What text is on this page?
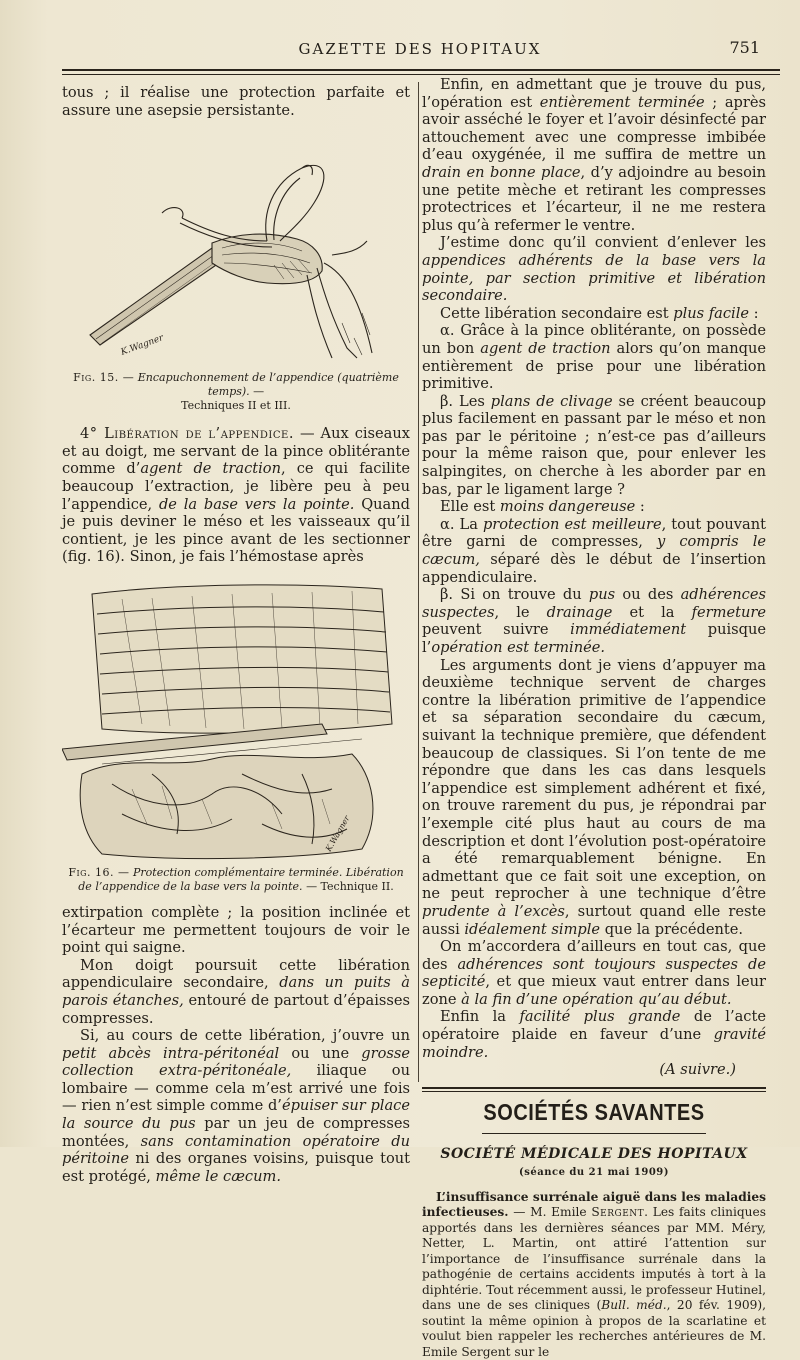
GAZETTE DES HOPITAUX	751

tous ; il réalise une protection parfaite et assure une asepsie persistante.

K.Wagner
Fig. 15. — Encapuchonnement de l’appendice (quatrième temps). —
Techniques II et III.

4° Libération de l’appendice. — Aux ciseaux et au doigt, me servant de la pince oblitérante comme d’agent de traction, ce qui facilite beaucoup l’extraction, je libère peu à peu l’appendice, de la base vers la pointe. Quand je puis deviner le méso et les vaisseaux qu’il contient, je les pince avant de les sectionner (fig. 16). Sinon, je fais l’hémostase après

K.Wagner
Fig. 16. — Protection complémentaire terminée. Libération de l’appendice de la base vers la pointe. — Technique II.

extirpation complète ; la position inclinée et l’écarteur me permettent toujours de voir le point qui saigne.

Mon doigt poursuit cette libération appendiculaire secondaire, dans un puits à parois étanches, entouré de partout d’épaisses compresses.

Si, au cours de cette libération, j’ouvre un petit abcès intra-péritonéal ou une grosse collection extra-péritonéale, iliaque ou lombaire — comme cela m’est arrivé une fois — rien n’est simple comme d’épuiser sur place la source du pus par un jeu de compresses montées, sans contamination opératoire du péritoine ni des organes voisins, puisque tout est protégé, même le cæcum.

Enfin, en admettant que je trouve du pus, l’opération est entièrement terminée ; après avoir asséché le foyer et l’avoir désinfecté par attouchement avec une compresse imbibée d’eau oxygénée, il me suffira de mettre un drain en bonne place, d’y adjoindre au besoin une petite mèche et retirant les compresses protectrices et l’écarteur, il ne me restera plus qu’à refermer le ventre.

J’estime donc qu’il convient d’enlever les appendices adhérents de la base vers la pointe, par section primitive et libération secondaire.

Cette libération secondaire est plus facile :

α. Grâce à la pince oblitérante, on possède un bon agent de traction alors qu’on manque entièrement de prise pour une libération primitive.

β. Les plans de clivage se créent beaucoup plus facilement en passant par le méso et non pas par le péritoine ; n’est-ce pas d’ailleurs pour la même raison que, pour enlever les salpingites, on cherche à les aborder par en bas, par le ligament large ?

Elle est moins dangereuse :

α. La protection est meilleure, tout pouvant être garni de compresses, y compris le cæcum, séparé dès le début de l’insertion appendiculaire.

β. Si on trouve du pus ou des adhérences suspectes, le drainage et la fermeture peuvent suivre immédiatement puisque l’opération est terminée.

Les arguments dont je viens d’appuyer ma deuxième technique servent de charges contre la libération primitive de l’appendice et sa séparation secondaire du cæcum, suivant la technique première, que défendent beaucoup de classiques. Si l’on tente de me répondre que dans les cas dans lesquels l’appendice est simplement adhérent et fixé, on trouve rarement du pus, je répondrai par l’exemple cité plus haut au cours de ma description et dont l’évolution post-opératoire a été remarquablement bénigne. En admettant que ce fait soit une exception, on ne peut reprocher à une technique d’être prudente à l’excès, surtout quand elle reste aussi idéalement simple que la précédente.

On m’accordera d’ailleurs en tout cas, que des adhérences sont toujours suspectes de septicité, et que mieux vaut entrer dans leur zone à la fin d’une opération qu’au début.

Enfin la facilité plus grande de l’acte opératoire plaide en faveur d’une gravité moindre.

(A suivre.)

SOCIÉTÉS SAVANTES
SOCIÉTÉ MÉDICALE DES HOPITAUX
(séance du 21 mai 1909)

L’insuffisance surrénale aiguë dans les maladies infectieuses. — M. Emile Sergent. Les faits cliniques apportés dans les dernières séances par MM. Méry, Netter, L. Martin, ont attiré l’attention sur l’importance de l’insuffisance surrénale dans la pathogénie de certains accidents imputés à tort à la diphtérie. Tout récemment aussi, le professeur Hutinel, dans une de ses cliniques (Bull. méd., 20 fév. 1909), soutint la même opinion à propos de la scarlatine et voulut bien rappeler les recherches antérieures de M. Emile Sergent sur le
